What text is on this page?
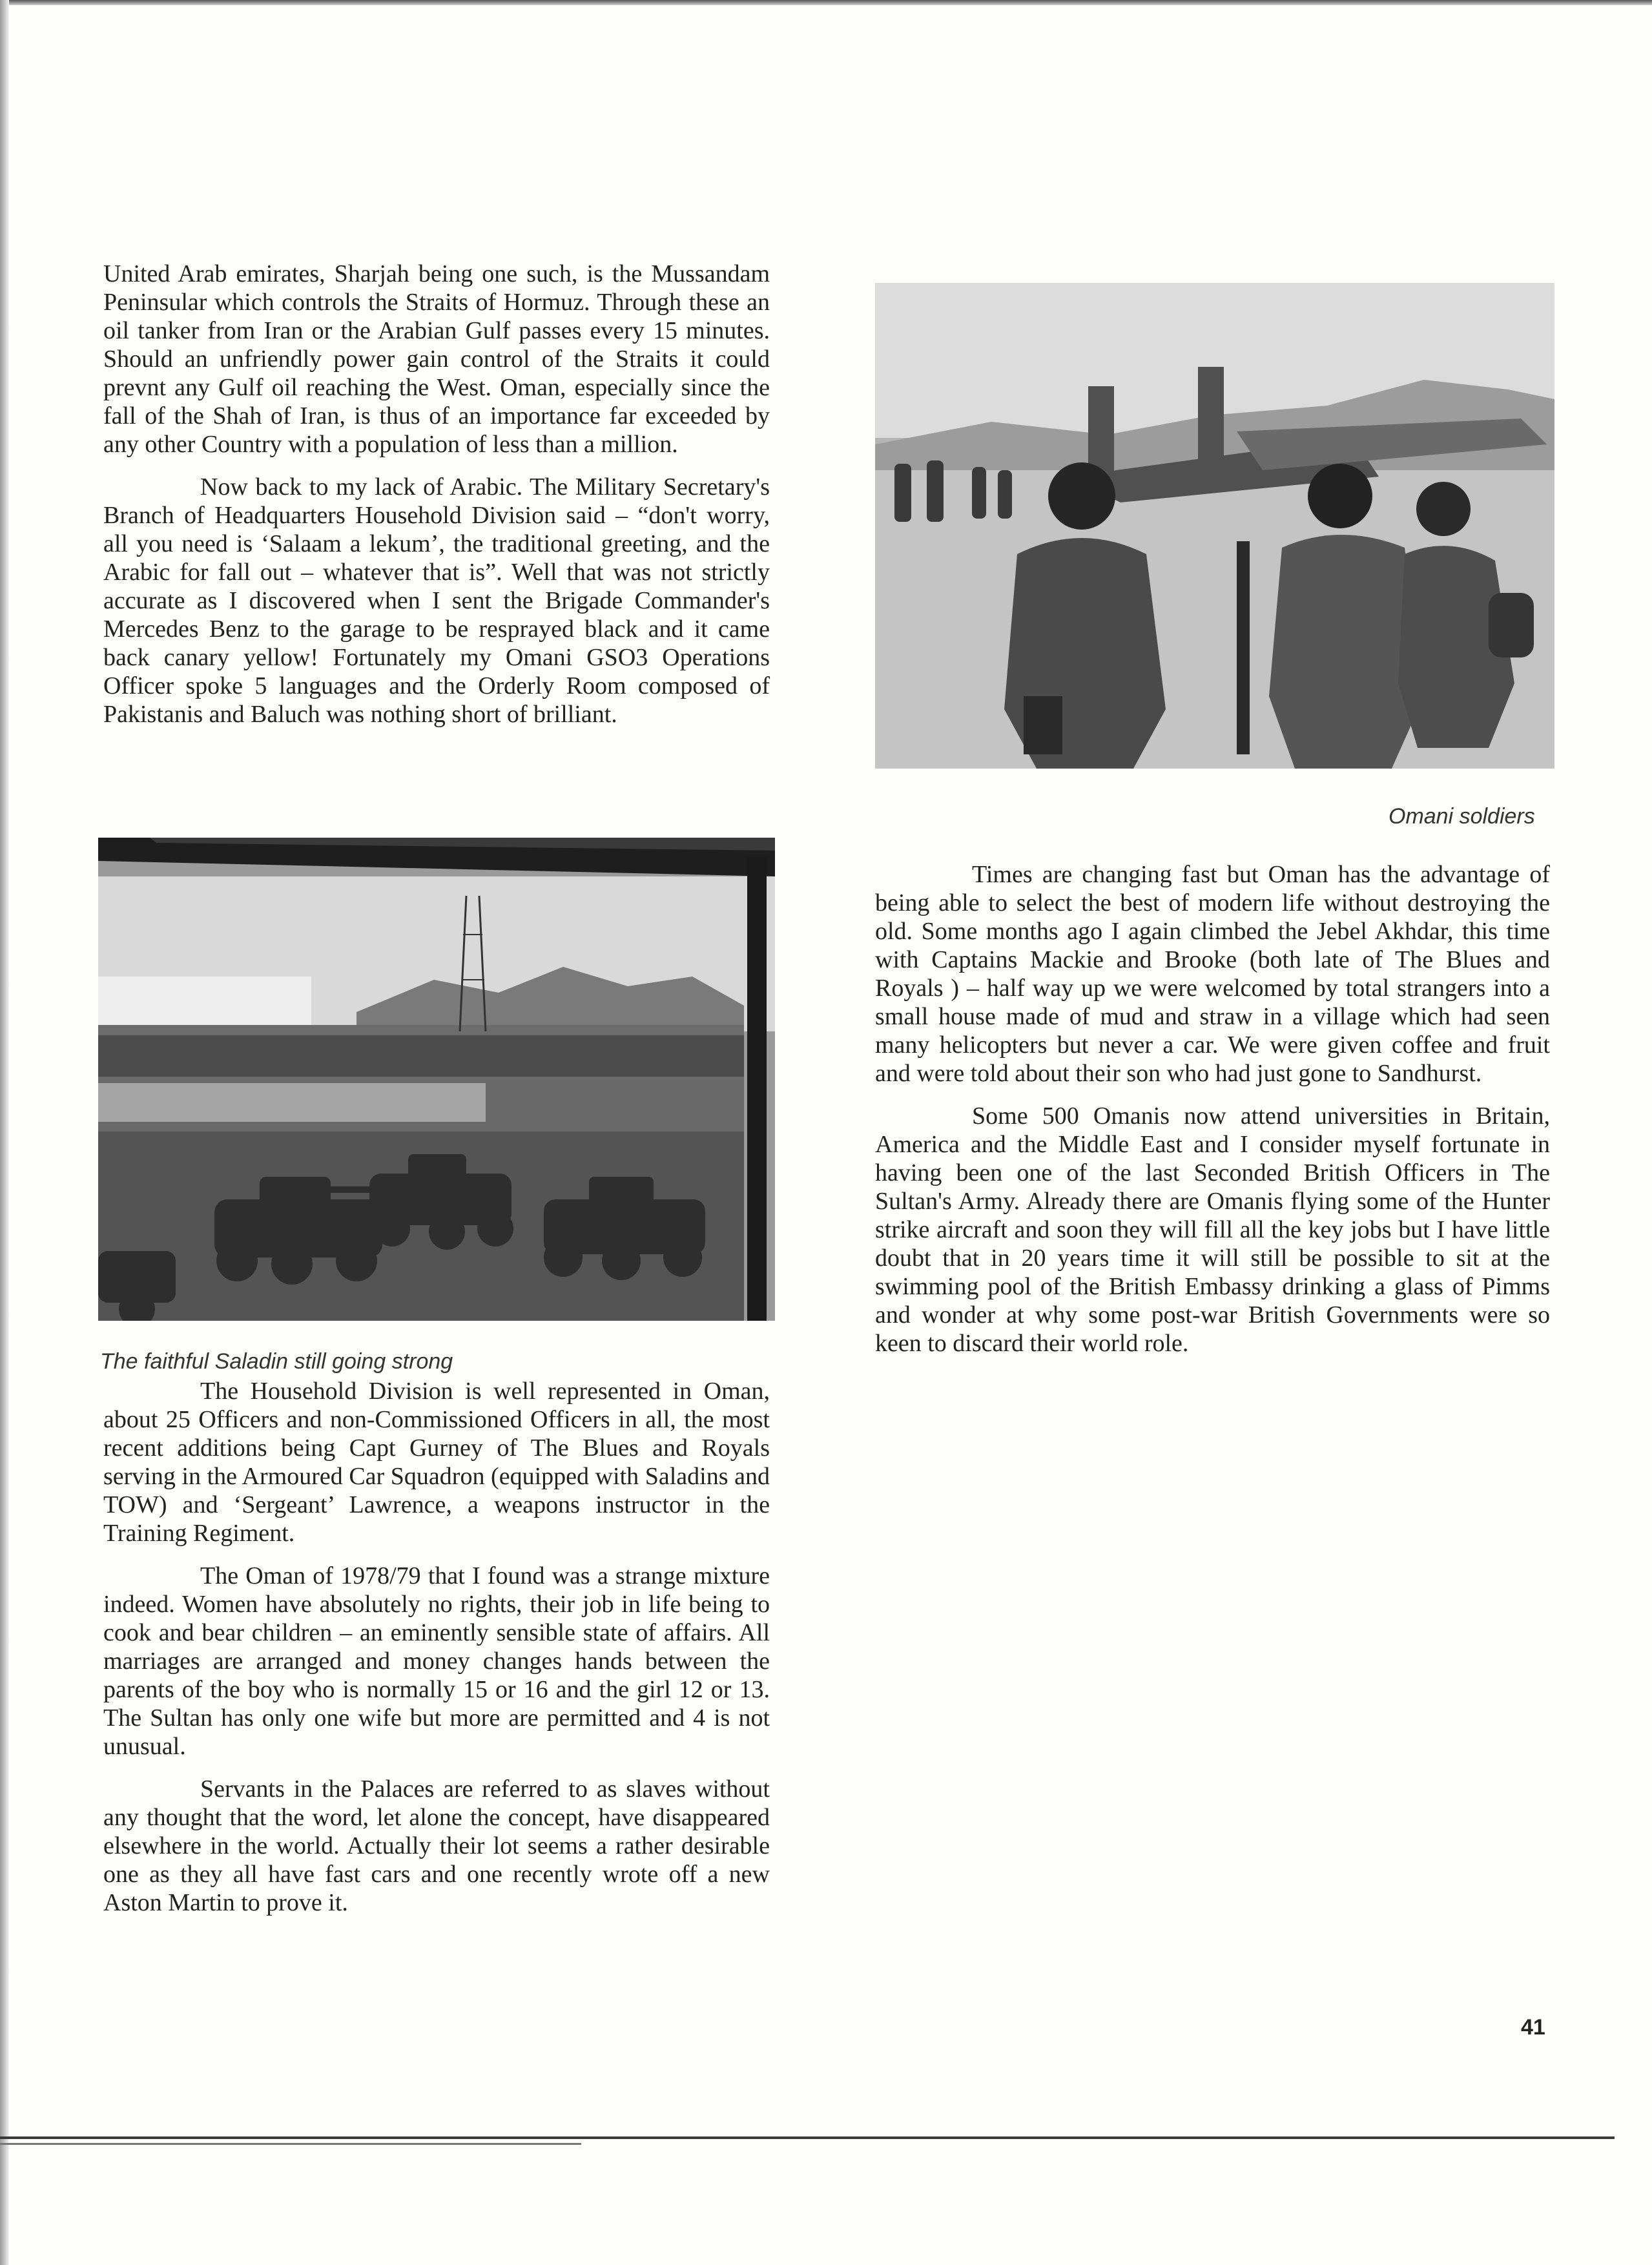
United Arab emirates, Sharjah being one such, is the Mussandam Peninsular which controls the Straits of Hormuz. Through these an oil tanker from Iran or the Arabian Gulf passes every 15 minutes. Should an unfriendly power gain control of the Straits it could prevnt any Gulf oil reaching the West. Oman, especially since the fall of the Shah of Iran, is thus of an importance far exceeded by any other Country with a population of less than a million.

Now back to my lack of Arabic. The Military Secretary's Branch of Headquarters Household Division said – “don't worry, all you need is ‘Salaam a lekum’, the traditional greeting, and the Arabic for fall out – whatever that is”. Well that was not strictly accurate as I discovered when I sent the Brigade Commander's Mercedes Benz to the garage to be resprayed black and it came back canary yellow! Fortunately my Omani GSO3 Operations Officer spoke 5 languages and the Orderly Room composed of Pakistanis and Baluch was nothing short of brilliant.

The faithful Saladin still going strong

The Household Division is well represented in Oman, about 25 Officers and non-Commissioned Officers in all, the most recent additions being Capt Gurney of The Blues and Royals serving in the Armoured Car Squadron (equipped with Saladins and TOW) and ‘Sergeant’ Lawrence, a weapons instructor in the Training Regiment.

The Oman of 1978/79 that I found was a strange mixture indeed. Women have absolutely no rights, their job in life being to cook and bear children – an eminently sensible state of affairs. All marriages are arranged and money changes hands between the parents of the boy who is normally 15 or 16 and the girl 12 or 13. The Sultan has only one wife but more are permitted and 4 is not unusual.

Servants in the Palaces are referred to as slaves without any thought that the word, let alone the concept, have disappeared elsewhere in the world. Actually their lot seems a rather desirable one as they all have fast cars and one recently wrote off a new Aston Martin to prove it.

Omani soldiers

Times are changing fast but Oman has the advantage of being able to select the best of modern life without destroying the old. Some months ago I again climbed the Jebel Akhdar, this time with Captains Mackie and Brooke (both late of The Blues and Royals ) – half way up we were welcomed by total strangers into a small house made of mud and straw in a village which had seen many helicopters but never a car. We were given coffee and fruit and were told about their son who had just gone to Sandhurst.

Some 500 Omanis now attend universities in Britain, America and the Middle East and I consider myself fortunate in having been one of the last Seconded British Officers in The Sultan's Army. Already there are Omanis flying some of the Hunter strike aircraft and soon they will fill all the key jobs but I have little doubt that in 20 years time it will still be possible to sit at the swimming pool of the British Embassy drinking a glass of Pimms and wonder at why some post-war British Governments were so keen to discard their world role.

41
